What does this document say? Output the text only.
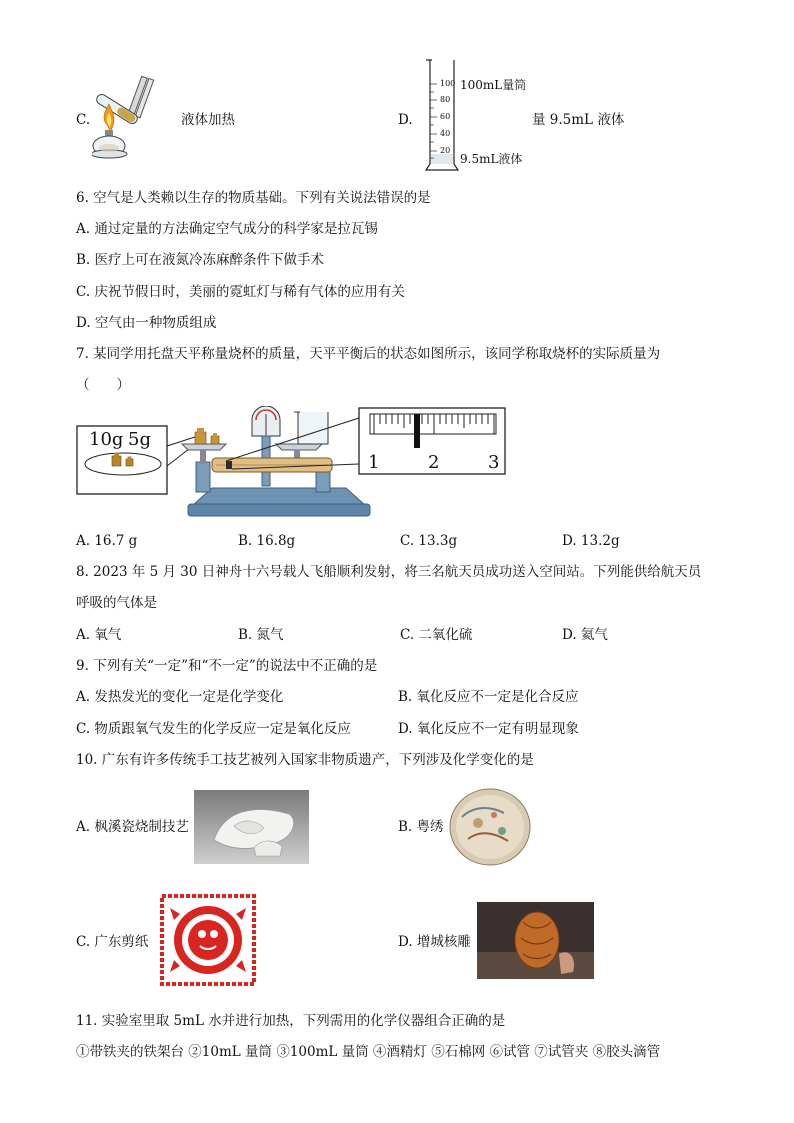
C.	液体加热	D.
100
80
60
40
20
100mL量筒
9.5mL液体
量 9.5mL 液体
6. 空气是人类赖以生存的物质基础。下列有关说法错误的是
A. 通过定量的方法确定空气成分的科学家是拉瓦锡
B. 医疗上可在液氮冷冻麻醉条件下做手术
C. 庆祝节假日时，美丽的霓虹灯与稀有气体的应用有关
D. 空气由一种物质组成
7. 某同学用托盘天平称量烧杯的质量，天平平衡后的状态如图所示，该同学称取烧杯的实际质量为
（　　）
10g 5g
1	2	3
A. 16.7 g	B. 16.8g	C. 13.3g	D. 13.2g
8. 2023 年 5 月 30 日神舟十六号载人飞船顺利发射，将三名航天员成功送入空间站。下列能供给航天员
呼吸的气体是
A. 氧气	B. 氮气	C. 二氧化硫	D. 氦气
9. 下列有关“一定”和“不一定”的说法中不正确的是
A. 发热发光的变化一定是化学变化	B. 氧化反应不一定是化合反应
C. 物质跟氧气发生的化学反应一定是氧化反应	D. 氧化反应不一定有明显现象
10. 广东有许多传统手工技艺被列入国家非物质遗产，下列涉及化学变化的是
A. 枫溪瓷烧制技艺	B. 粤绣
C. 广东剪纸	D. 增城核雕
11. 实验室里取 5mL 水并进行加热，下列需用的化学仪器组合正确的是
①带铁夹的铁架台 ②10mL 量筒 ③100mL 量筒 ④酒精灯 ⑤石棉网 ⑥试管 ⑦试管夹 ⑧胶头滴管
